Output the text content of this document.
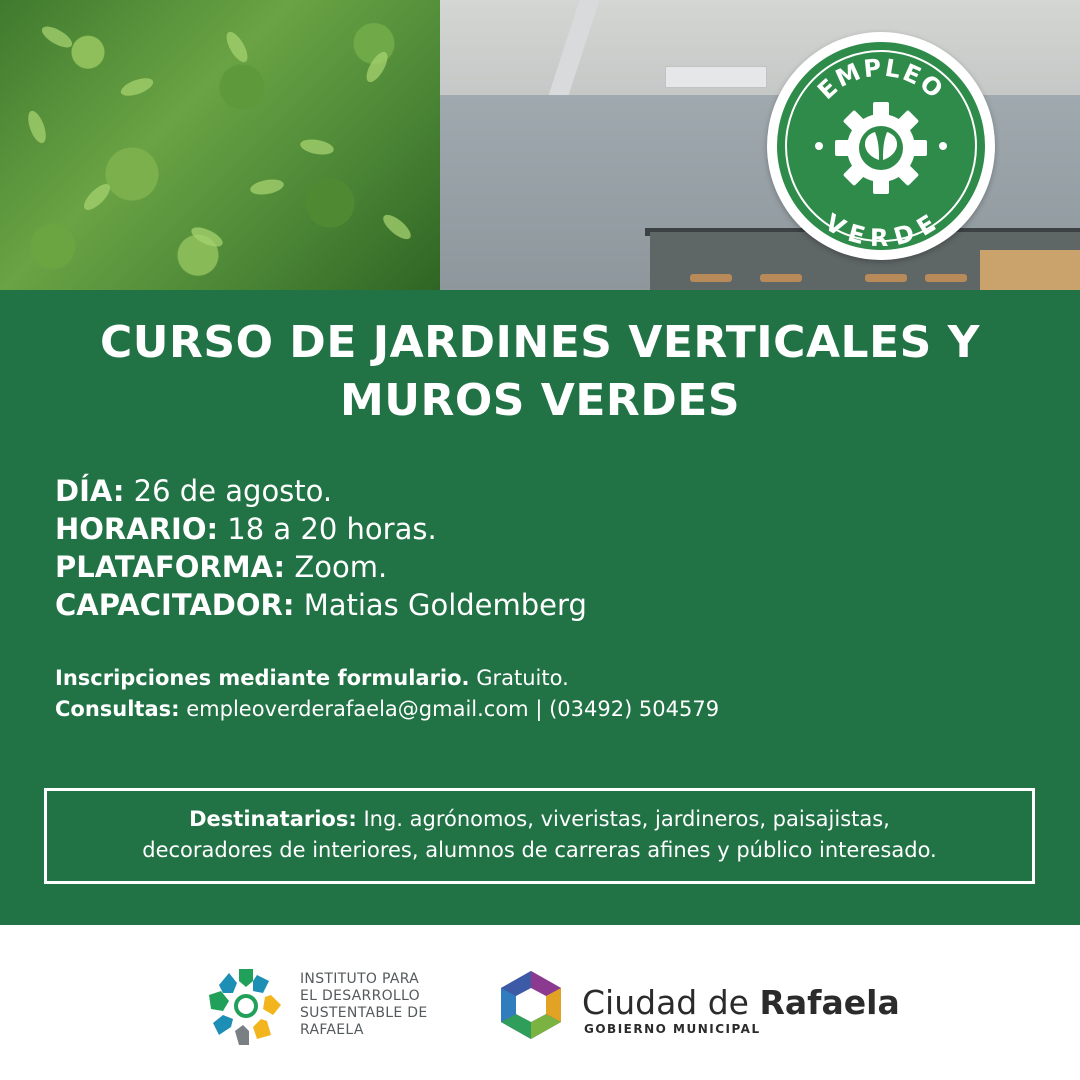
EMPLEO
VERDE
CURSO DE JARDINES VERTICALES Y
MUROS VERDES
DÍA: 26 de agosto.
HORARIO: 18 a 20 horas.
PLATAFORMA: Zoom.
CAPACITADOR: Matias Goldemberg
Inscripciones mediante formulario. Gratuito.
Consultas: empleoverderafaela@gmail.com | (03492) 504579
Destinatarios: Ing. agrónomos, viveristas, jardineros, paisajistas,
decoradores de interiores, alumnos de carreras afines y público interesado.
INSTITUTO PARA
EL DESARROLLO
SUSTENTABLE DE
RAFAELA
Ciudad de Rafaela
GOBIERNO MUNICIPAL
